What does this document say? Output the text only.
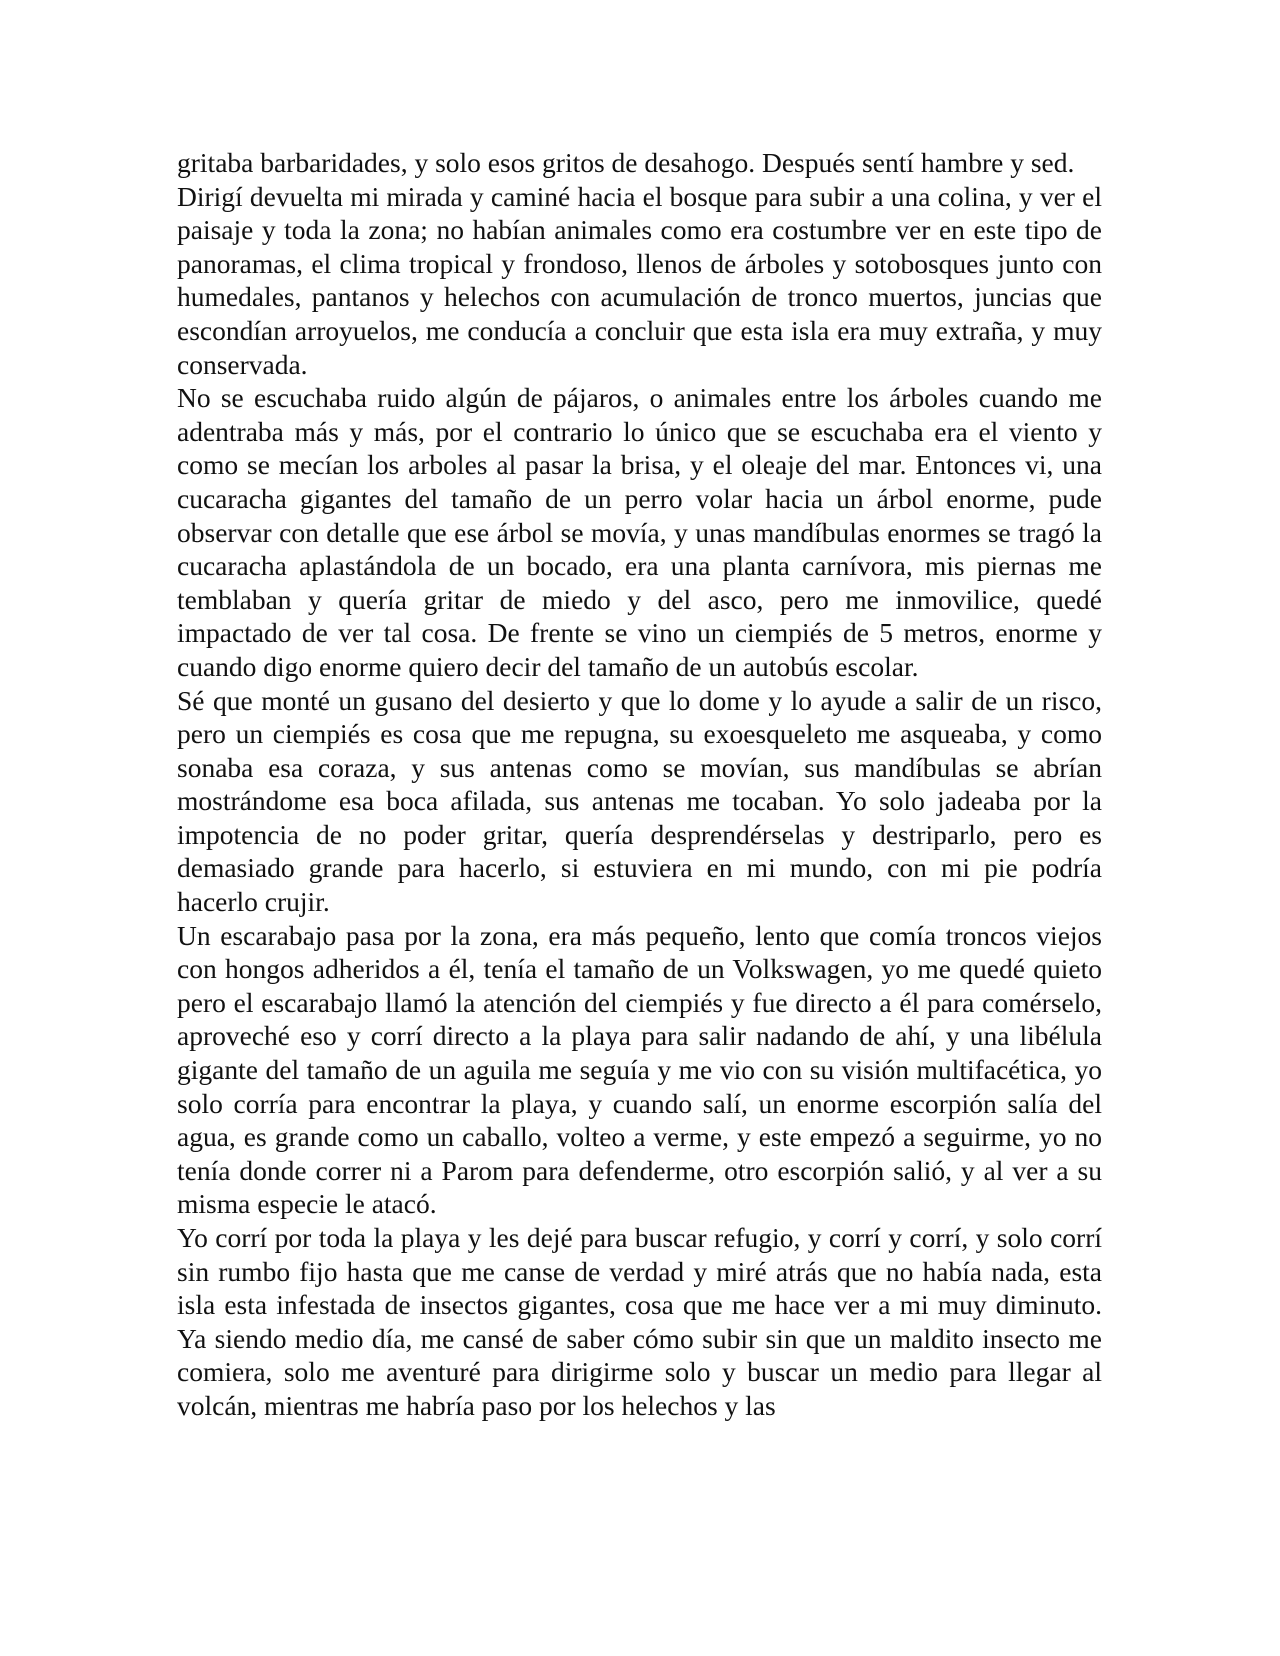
gritaba barbaridades, y solo esos gritos de desahogo. Después sentí hambre y sed.

Dirigí devuelta mi mirada y caminé hacia el bosque para subir a una colina, y ver el paisaje y toda la zona; no habían animales como era costumbre ver en este tipo de panoramas, el clima tropical y frondoso, llenos de árboles y sotobosques junto con humedales, pantanos y helechos con acumulación de tronco muertos, juncias que escondían arroyuelos, me conducía a concluir que esta isla era muy extraña, y muy conservada.

No se escuchaba ruido algún de pájaros, o animales entre los árboles cuando me adentraba más y más, por el contrario lo único que se escuchaba era el viento y como se mecían los arboles al pasar la brisa, y el oleaje del mar. Entonces vi, una cucaracha gigantes del tamaño de un perro volar hacia un árbol enorme, pude observar con detalle que ese árbol se movía, y unas mandíbulas enormes se tragó la cucaracha aplastándola de un bocado, era una planta carnívora, mis piernas me temblaban y quería gritar de miedo y del asco, pero me inmovilice, quedé impactado de ver tal cosa. De frente se vino un ciempiés de 5 metros, enorme y cuando digo enorme quiero decir del tamaño de un autobús escolar.

Sé que monté un gusano del desierto y que lo dome y lo ayude a salir de un risco, pero un ciempiés es cosa que me repugna, su exoesqueleto me asqueaba, y como sonaba esa coraza, y sus antenas como se movían, sus mandíbulas se abrían mostrándome esa boca afilada, sus antenas me tocaban. Yo solo jadeaba por la impotencia de no poder gritar, quería desprendérselas y destriparlo, pero es demasiado grande para hacerlo, si estuviera en mi mundo, con mi pie podría hacerlo crujir.

Un escarabajo pasa por la zona, era más pequeño, lento que comía troncos viejos con hongos adheridos a él, tenía el tamaño de un Volkswagen, yo me quedé quieto pero el escarabajo llamó la atención del ciempiés y fue directo a él para comérselo, aproveché eso y corrí directo a la playa para salir nadando de ahí, y una libélula gigante del tamaño de un aguila me seguía y me vio con su visión multifacética, yo solo corría para encontrar la playa, y cuando salí, un enorme escorpión salía del agua, es grande como un caballo, volteo a verme, y este empezó a seguirme, yo no tenía donde correr ni a Parom para defenderme, otro escorpión salió, y al ver a su misma especie le atacó.

Yo corrí por toda la playa y les dejé para buscar refugio, y corrí y corrí, y solo corrí sin rumbo fijo hasta que me canse de verdad y miré atrás que no había nada, esta isla esta infestada de insectos gigantes, cosa que me hace ver a mi muy diminuto. Ya siendo medio día, me cansé de saber cómo subir sin que un maldito insecto me comiera, solo me aventuré para dirigirme solo y buscar un medio para llegar al volcán, mientras me habría paso por los helechos y las
